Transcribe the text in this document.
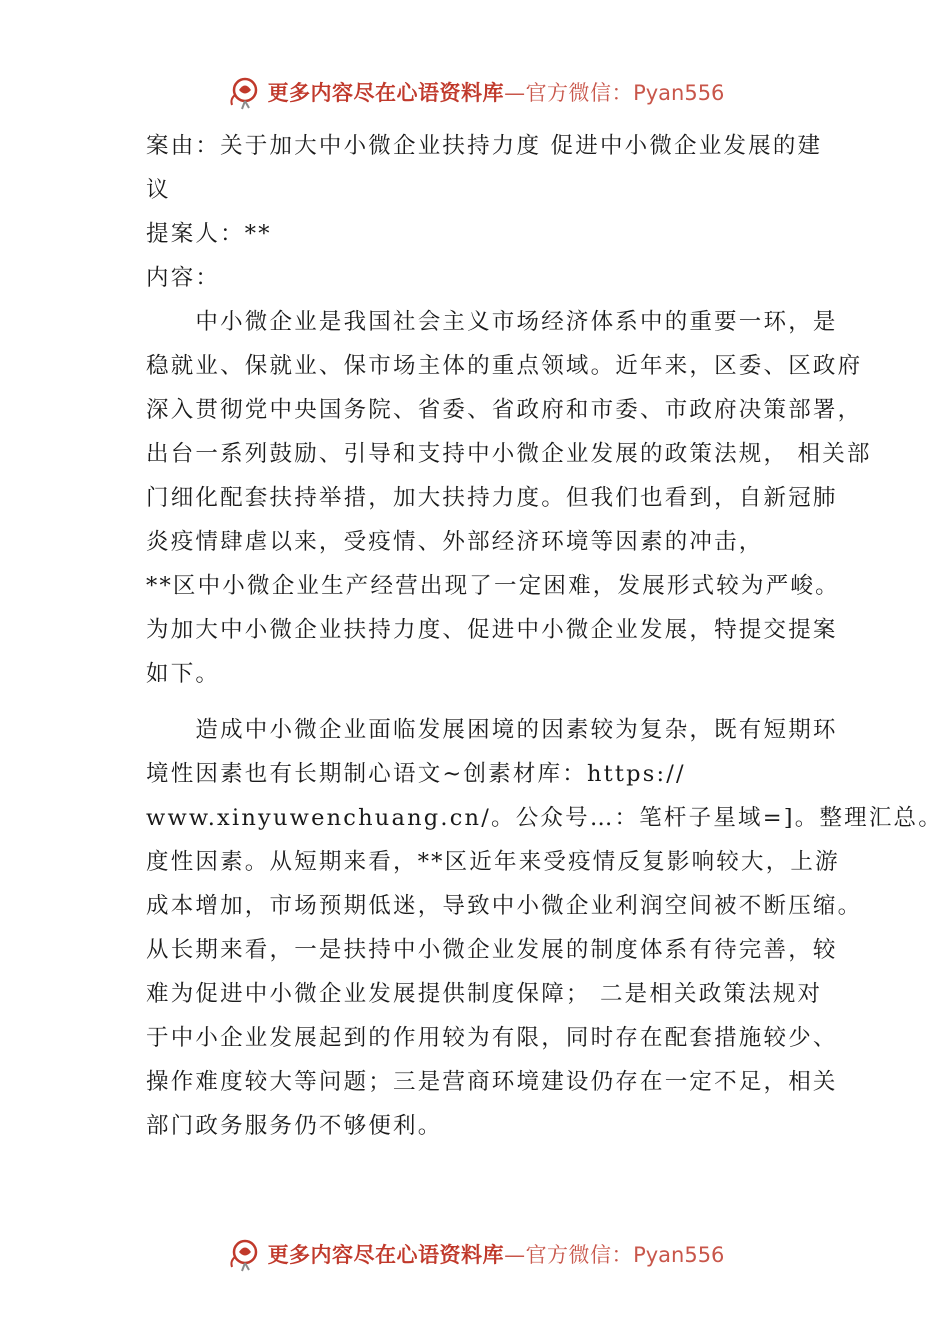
更多内容尽在心语资料库—官方微信：Pyan556
案由：关于加大中小微企业扶持力度 促进中小微企业发展的建
议
提案人：**
内容：
　　中小微企业是我国社会主义市场经济体系中的重要一环，是
稳就业、保就业、保市场主体的重点领域。近年来，区委、区政府
深入贯彻党中央国务院、省委、省政府和市委、市政府决策部署，
出台一系列鼓励、引导和支持中小微企业发展的政策法规， 相关部
门细化配套扶持举措，加大扶持力度。但我们也看到，自新冠肺
炎疫情肆虐以来，受疫情、外部经济环境等因素的冲击，
**区中小微企业生产经营出现了一定困难，发展形式较为严峻。
为加大中小微企业扶持力度、促进中小微企业发展，特提交提案
如下。
　　造成中小微企业面临发展困境的因素较为复杂，既有短期环
境性因素也有长期制心语文~创素材库：https://
www.xinyuwenchuang.cn/。公众号…：笔杆子星域=]。整理汇总。
度性因素。从短期来看，**区近年来受疫情反复影响较大，上游
成本增加，市场预期低迷，导致中小微企业利润空间被不断压缩。
从长期来看，一是扶持中小微企业发展的制度体系有待完善，较
难为促进中小微企业发展提供制度保障； 二是相关政策法规对
于中小企业发展起到的作用较为有限，同时存在配套措施较少、
操作难度较大等问题；三是营商环境建设仍存在一定不足，相关
部门政务服务仍不够便利。
更多内容尽在心语资料库—官方微信：Pyan556
